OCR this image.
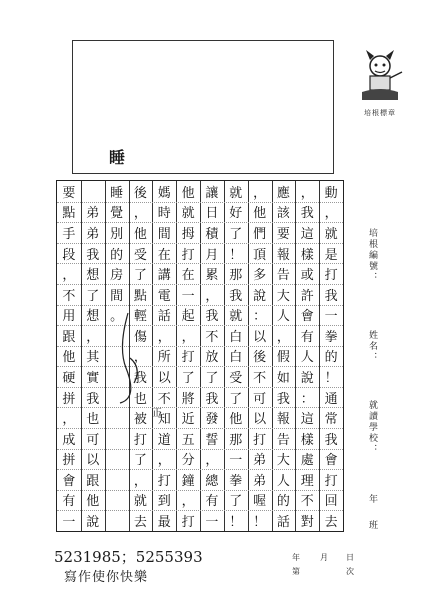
睡
培根標章
動
，
就
是
打
我
一
拳
的
！
通
常
我
會
打
回
去
，
我
這
樣
或
許
會
有
人
說
：
這
樣
處
理
不
對
應
該
要
報
告
大
人
，
假
如
我
報
告
大
人
的
話
，
他
們
頂
多
說
：
以
後
不
可
以
打
弟
弟
喔
！
就
好
了
！
那
我
就
白
白
受
了
他
那
一
拳
了
！
讓
日
積
月
累
，
我
不
放
了
我
發
誓
，
總
有
一
他
就
拇
打
在
一
起
，
打
了
將
近
五
分
鐘
，
打
媽
時
間
在
講
電
話
，
所
以
不
知
道
，
打
到
最
後
，
他
受
了
點
輕
傷
，
我
也
被
打
了
，
就
去
睡
覺
別
的
房
間
。
弟
弟
我
想
了
想
，
其
實
我
也
可
以
跟
他
說
要
點
手
段
，
不
用
跟
他
硬
拼
，
成
拼
會
有
一
正
培根編號：
姓名：
就讀學校：
年
班
5231985；5255393
寫作使你快樂
年	月 日
第	次
